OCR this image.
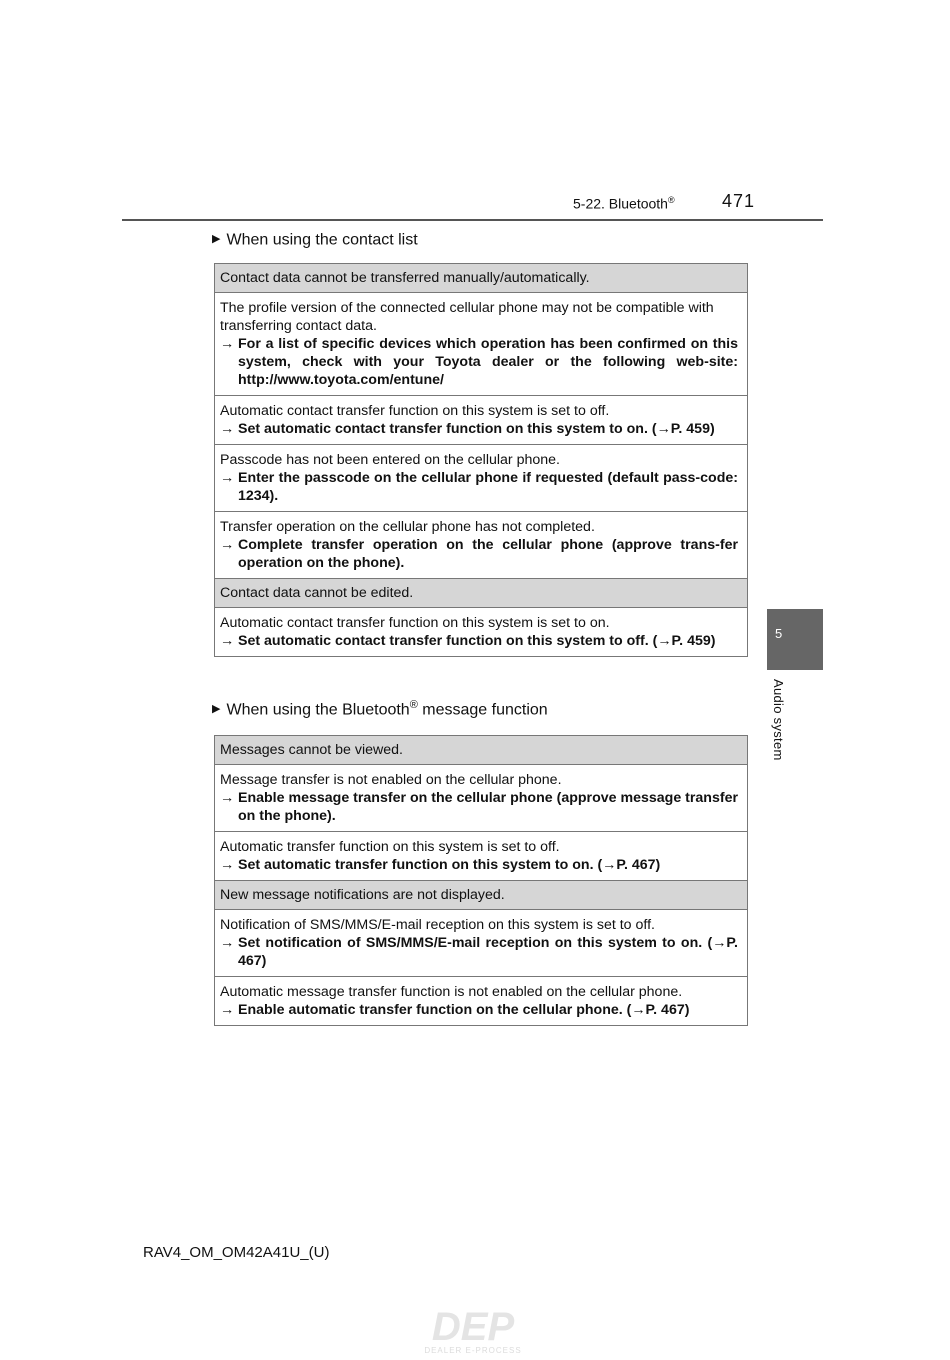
5-22. Bluetooth®	471
▶ When using the contact list
Contact data cannot be transferred manually/automatically.
The profile version of the connected cellular phone may not be compatible with transferring contact data.
→ For a list of specific devices which operation has been confirmed on this system, check with your Toyota dealer or the following web-site: http://www.toyota.com/entune/
Automatic contact transfer function on this system is set to off.
→ Set automatic contact transfer function on this system to on. (→P. 459)
Passcode has not been entered on the cellular phone.
→ Enter the passcode on the cellular phone if requested (default pass-code: 1234).
Transfer operation on the cellular phone has not completed.
→ Complete transfer operation on the cellular phone (approve trans-fer operation on the phone).
Contact data cannot be edited.
Automatic contact transfer function on this system is set to on.
→ Set automatic contact transfer function on this system to off. (→P. 459)
▶ When using the Bluetooth® message function
Messages cannot be viewed.
Message transfer is not enabled on the cellular phone.
→ Enable message transfer on the cellular phone (approve message transfer on the phone).
Automatic transfer function on this system is set to off.
→ Set automatic transfer function on this system to on. (→P. 467)
New message notifications are not displayed.
Notification of SMS/MMS/E-mail reception on this system is set to off.
→ Set notification of SMS/MMS/E-mail reception on this system to on. (→P. 467)
Automatic message transfer function is not enabled on the cellular phone.
→ Enable automatic transfer function on the cellular phone. (→P. 467)
5
Audio system
RAV4_OM_OM42A41U_(U)
DEP
DEALER E-PROCESS
